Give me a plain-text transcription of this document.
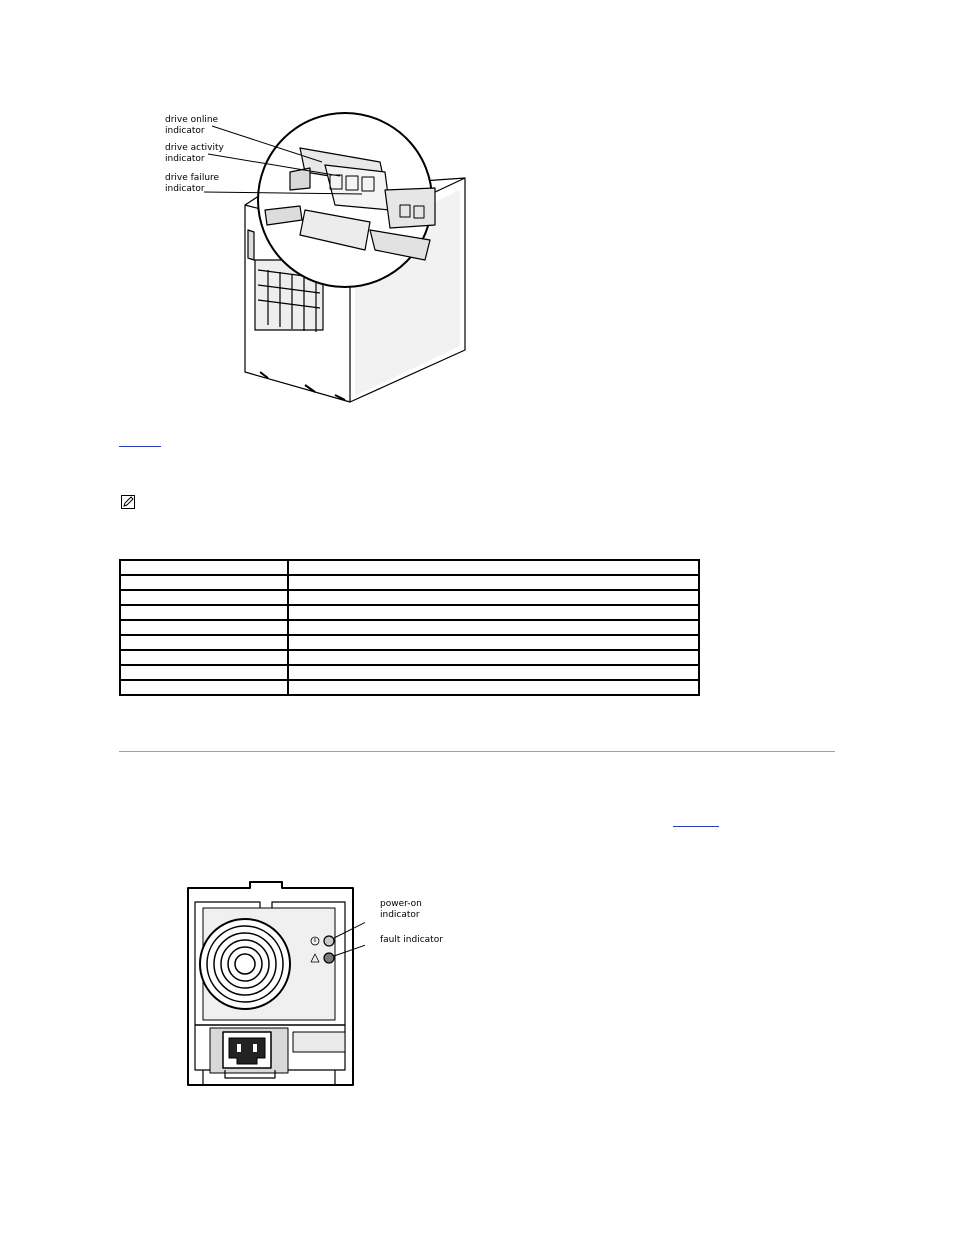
drive online
indicator
drive activity
indicator
drive failure
indicator

power-on
indicator
fault indicator
